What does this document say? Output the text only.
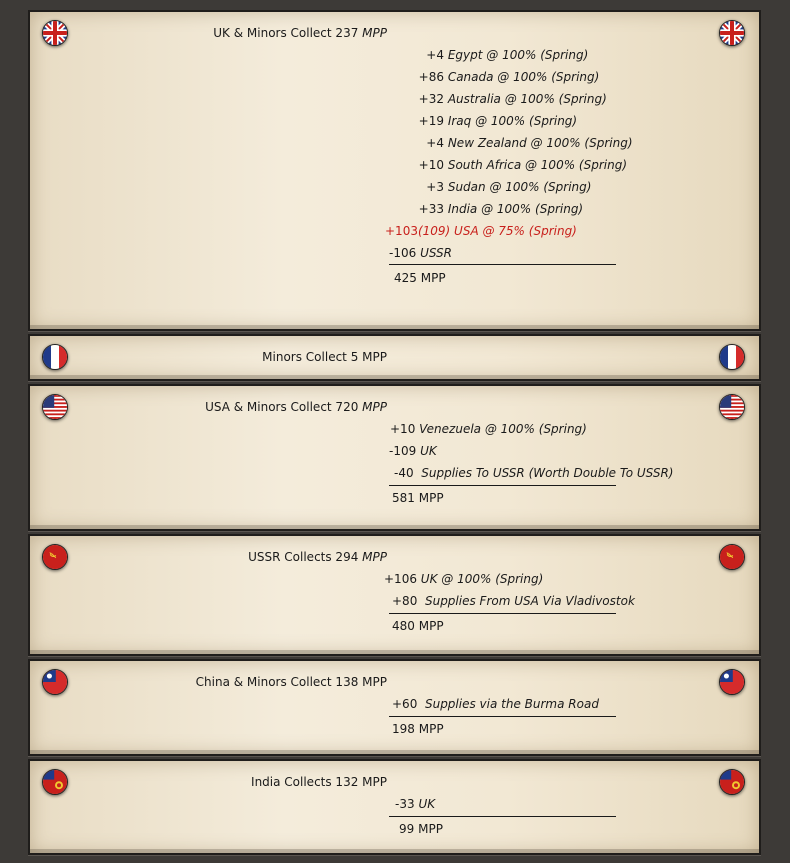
UK & Minors Collect 237 MPP
+4 Egypt @ 100% (Spring)
+86 Canada @ 100% (Spring)
+32 Australia @ 100% (Spring)
+19 Iraq @ 100% (Spring)
+4 New Zealand @ 100% (Spring)
+10 South Africa @ 100% (Spring)
+3 Sudan @ 100% (Spring)
+33 India @ 100% (Spring)
+103(109) USA @ 75% (Spring)
-106 USSR
425 MPP
Minors Collect 5 MPP
USA & Minors Collect 720 MPP
+10 Venezuela @ 100% (Spring)
-109 UK
-40 Supplies To USSR (Worth Double To USSR)
581 MPP
USSR Collects 294 MPP
+106 UK @ 100% (Spring)
+80 Supplies From USA Via Vladivostok
480 MPP
China & Minors Collect 138 MPP
+60 Supplies via the Burma Road
198 MPP
India Collects 132 MPP
-33 UK
99 MPP
